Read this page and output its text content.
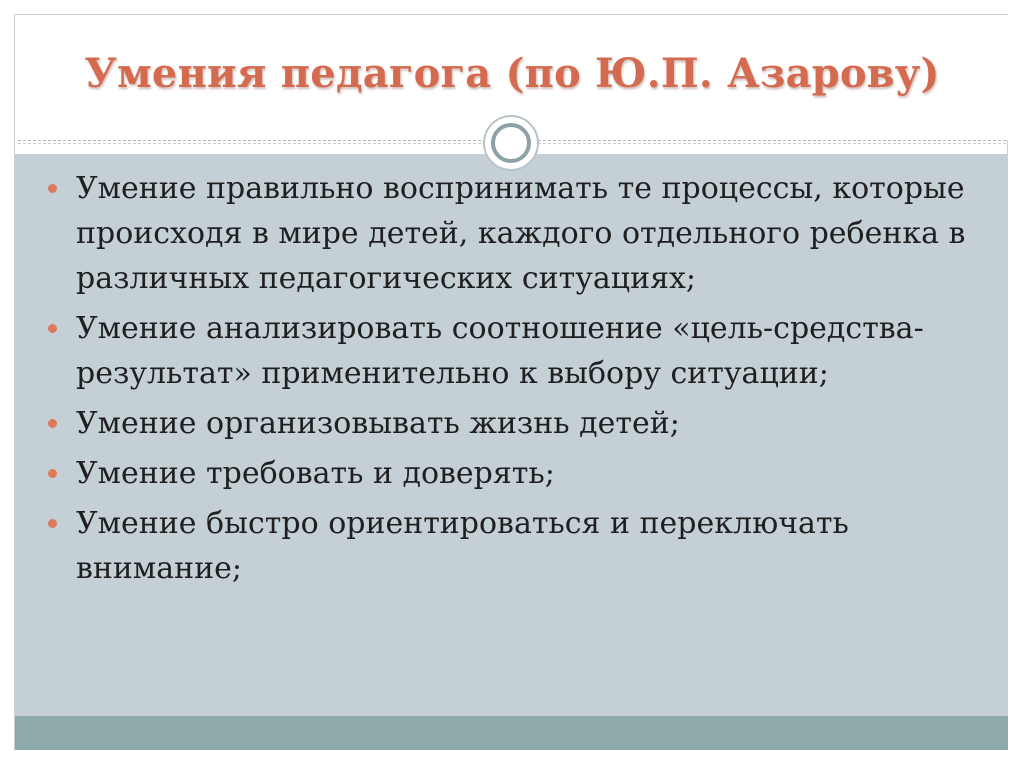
Умения педагога (по Ю.П. Азарову)
Умение правильно воспринимать те процессы, которые происходя в мире детей, каждого отдельного ребенка в различных педагогических ситуациях;
Умение анализировать соотношение «цель-средства-результат» применительно к выбору ситуации;
Умение организовывать жизнь детей;
Умение требовать и доверять;
Умение быстро ориентироваться и переключать внимание;
